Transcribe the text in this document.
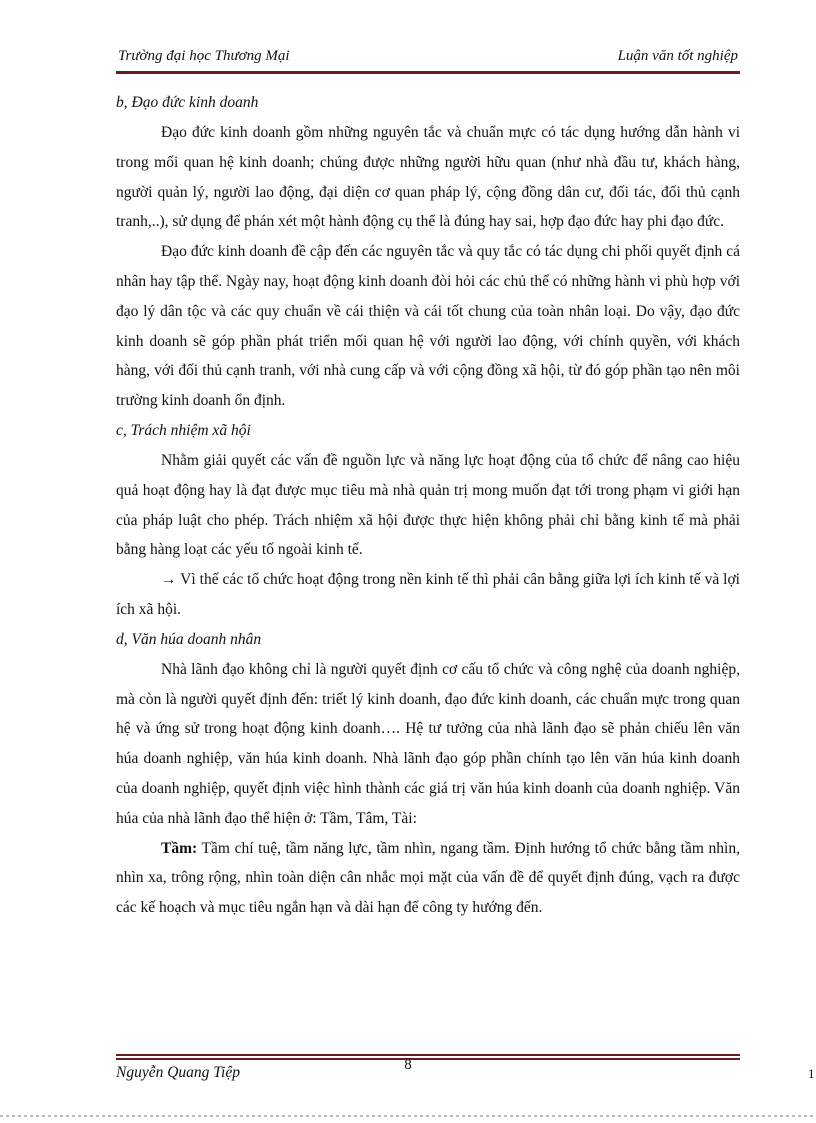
Trường đại học Thương Mại	Luận văn tốt nghiệp
b, Đạo đức kinh doanh

Đạo đức kinh doanh gồm những nguyên tắc và chuẩn mực có tác dụng hướng dẫn hành vi trong mối quan hệ kinh doanh; chúng được những người hữu quan (như nhà đầu tư, khách hàng, người quản lý, người lao động, đại diện cơ quan pháp lý, cộng đồng dân cư, đối tác, đối thủ cạnh tranh,..), sử dụng để phán xét một hành động cụ thể là đúng hay sai, hợp đạo đức hay phi đạo đức.

Đạo đức kinh doanh đề cập đến các nguyên tắc và quy tắc có tác dụng chi phối quyết định cá nhân hay tập thể. Ngày nay, hoạt động kinh doanh đòi hỏi các chủ thể có những hành vi phù hợp với đạo lý dân tộc và các quy chuẩn về cái thiện và cái tốt chung của toàn nhân loại. Do vậy, đạo đức kinh doanh sẽ góp phần phát triển mối quan hệ với người lao động, với chính quyền, với khách hàng, với đối thủ cạnh tranh, với nhà cung cấp và với cộng đồng xã hội, từ đó góp phần tạo nên môi trường kinh doanh ổn định.

c, Trách nhiệm xã hội

Nhằm giải quyết các vấn đề nguồn lực và năng lực hoạt động của tổ chức để nâng cao hiệu quả hoạt động hay là đạt được mục tiêu mà nhà quản trị mong muốn đạt tới trong phạm vi giới hạn của pháp luật cho phép. Trách nhiệm xã hội được thực hiện không phải chỉ bằng kinh tế mà phải bằng hàng loạt các yếu tố ngoài kinh tế.

→ Vì thế các tổ chức hoạt động trong nền kinh tế thì phải cân bằng giữa lợi ích kinh tế và lợi ích xã hội.

d, Văn húa doanh nhân

Nhà lãnh đạo không chỉ là người quyết định cơ cấu tổ chức và công nghệ của doanh nghiệp, mà còn là người quyết định đến: triết lý kinh doanh, đạo đức kinh doanh, các chuẩn mực trong quan hệ và ứng sử trong hoạt động kinh doanh…. Hệ tư tưởng của nhà lãnh đạo sẽ phản chiếu lên văn húa doanh nghiệp, văn húa kinh doanh. Nhà lãnh đạo góp phần chính tạo lên văn húa kinh doanh của doanh nghiệp, quyết định việc hình thành các giá trị văn húa kinh doanh của doanh nghiệp. Văn húa của nhà lãnh đạo thể hiện ở: Tầm, Tâm, Tài:

Tầm: Tầm chí tuệ, tầm năng lực, tầm nhìn, ngang tầm. Định hướng tổ chức bằng tầm nhìn, nhìn xa, trông rộng, nhìn toàn diện cân nhắc mọi mặt của vấn đề để quyết định đúng, vạch ra được các kế hoạch và mục tiêu ngắn hạn và dài hạn để công ty hướng đến.

8
Nguyễn Quang Tiệp	1
